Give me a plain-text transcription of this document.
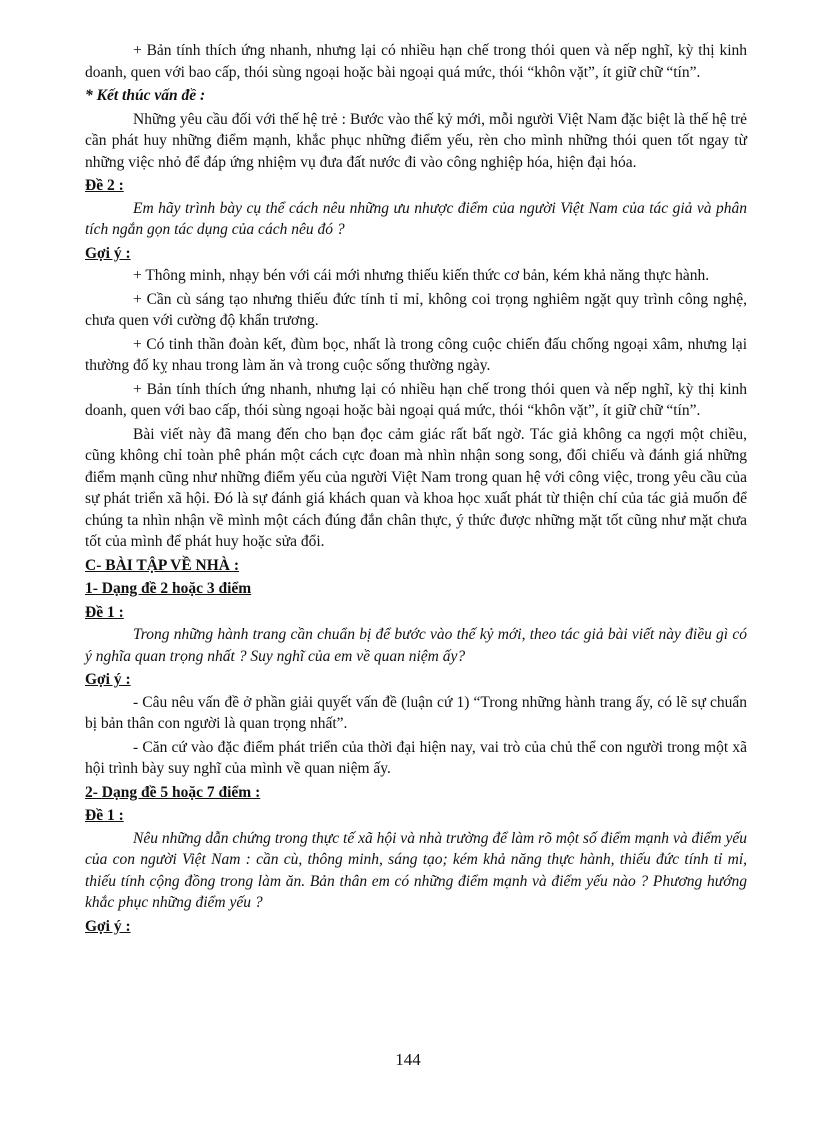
+ Bản tính thích ứng nhanh, nhưng lại có nhiều hạn chế trong thói quen và nếp nghĩ, kỳ thị kinh doanh, quen với bao cấp, thói sùng ngoại hoặc bài ngoại quá mức, thói “khôn vặt”, ít giữ chữ “tín”.

* Kết thúc vấn đề :

Những yêu cầu đối với thế hệ trẻ : Bước vào thế kỷ mới, mỗi người Việt Nam đặc biệt là thế hệ trẻ cần phát huy những điểm mạnh, khắc phục những điểm yếu, rèn cho mình những thói quen tốt ngay từ những việc nhỏ để đáp ứng nhiệm vụ đưa đất nước đi vào công nghiệp hóa, hiện đại hóa.

Đề 2 :

Em hãy trình bày cụ thể cách nêu những ưu nhược điểm của người Việt Nam của tác giả và phân tích ngắn gọn tác dụng của cách nêu đó ?

Gợi ý :

+ Thông minh, nhạy bén với cái mới nhưng thiếu kiến thức cơ bản, kém khả năng thực hành.

+ Cần cù sáng tạo nhưng thiếu đức tính tỉ mỉ, không coi trọng nghiêm ngặt quy trình công nghệ, chưa quen với cường độ khẩn trương.

+ Có tinh thần đoàn kết, đùm bọc, nhất là trong công cuộc chiến đấu chống ngoại xâm, nhưng lại thường đố kỵ nhau trong làm ăn và trong cuộc sống thường ngày.

+ Bản tính thích ứng nhanh, nhưng lại có nhiều hạn chế trong thói quen và nếp nghĩ, kỳ thị kinh doanh, quen với bao cấp, thói sùng ngoại hoặc bài ngoại quá mức, thói “khôn vặt”, ít giữ chữ “tín”.

Bài viết này đã mang đến cho bạn đọc cảm giác rất bất ngờ. Tác giả không ca ngợi một chiều, cũng không chỉ toàn phê phán một cách cực đoan mà nhìn nhận song song, đối chiếu và đánh giá những điểm mạnh cũng như những điểm yếu của người Việt Nam trong quan hệ với công việc, trong yêu cầu của sự phát triển xã hội. Đó là sự đánh giá khách quan và khoa học xuất phát từ thiện chí của tác giả muốn để chúng ta nhìn nhận về mình một cách đúng đắn chân thực, ý thức được những mặt tốt cũng như mặt chưa tốt của mình để phát huy hoặc sửa đổi.

C- BÀI TẬP VỀ NHÀ :

1- Dạng đề 2 hoặc 3 điểm

Đề 1 :

Trong những hành trang cần chuẩn bị để bước vào thế kỷ mới, theo tác giả bài viết này điều gì có ý nghĩa quan trọng nhất ? Suy nghĩ của em về quan niệm ấy?

Gợi ý :

- Câu nêu vấn đề ở phần giải quyết vấn đề (luận cứ 1) “Trong những hành trang ấy, có lẽ sự chuẩn bị bản thân con người là quan trọng nhất”.

- Căn cứ vào đặc điểm phát triển của thời đại hiện nay, vai trò của chủ thể con người trong một xã hội trình bày suy nghĩ của mình về quan niệm ấy.

2- Dạng đề 5 hoặc 7 điểm :

Đề 1 :

Nêu những dẫn chứng trong thực tế xã hội và nhà trường để làm rõ một số điểm mạnh và điểm yếu của con người Việt Nam : cần cù, thông minh, sáng tạo; kém khả năng thực hành, thiếu đức tính tỉ mỉ, thiếu tính cộng đồng trong làm ăn. Bản thân em có những điểm mạnh và điểm yếu nào ? Phương hướng khắc phục những điểm yếu ?

Gợi ý :

144
